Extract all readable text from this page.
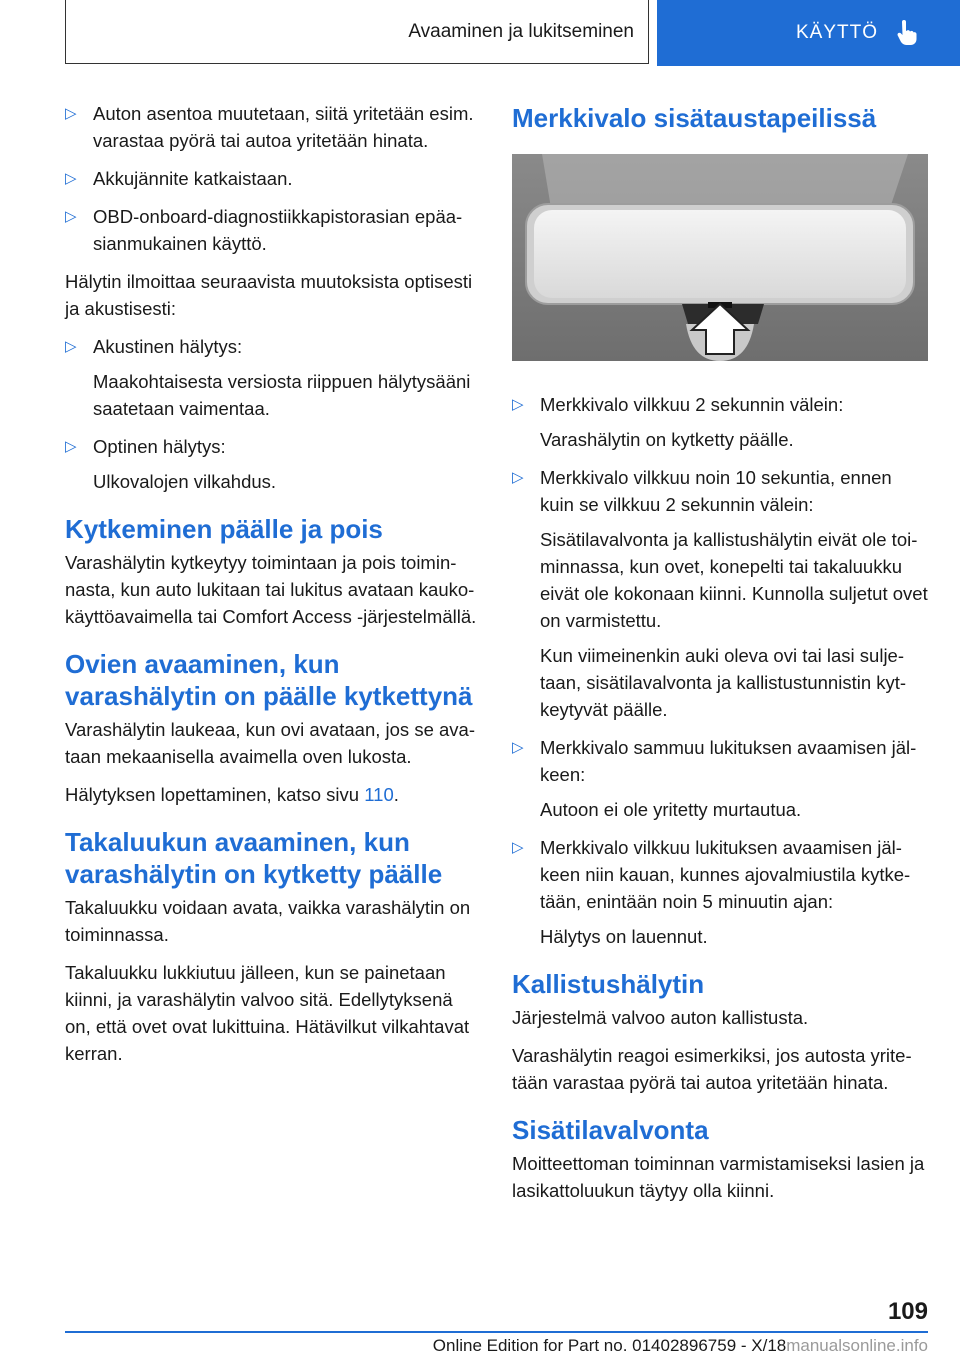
Avaaminen ja lukitseminen	KÄYTTÖ
▷ Auton asentoa muutetaan, siitä yritetään esim. varastaa pyörä tai autoa yritetään hinata.
▷ Akkujännite katkaistaan.
▷ OBD-onboard-diagnostiikkapistorasian epäasianmukainen käyttö.

Hälytin ilmoittaa seuraavista muutoksista optisesti ja akustisesti:

▷ Akustinen hälytys:
Maakohtaisesta versiosta riippuen hälytysääni saatetaan vaimentaa.
▷ Optinen hälytys:
Ulkovalojen vilkahdus.
Kytkeminen päälle ja pois

Varashälytin kytkeytyy toimintaan ja pois toiminnasta, kun auto lukitaan tai lukitus avataan kaukokäyttöavaimella tai Comfort Access -järjestelmällä.

Ovien avaaminen, kun varashälytin on päälle kytkettynä

Varashälytin laukeaa, kun ovi avataan, jos se avataan mekaanisella avaimella oven lukosta.

Hälytyksen lopettaminen, katso sivu 110.

Takaluukun avaaminen, kun varashälytin on kytketty päälle

Takaluukku voidaan avata, vaikka varashälytin on toiminnassa.

Takaluukku lukkiutuu jälleen, kun se painetaan kiinni, ja varashälytin valvoo sitä. Edellytyksenä on, että ovet ovat lukittuina. Hätävilkut vilkahtavat kerran.

Merkkivalo sisätaustapeilissä
▷ Merkkivalo vilkkuu 2 sekunnin välein:
Varashälytin on kytketty päälle.
▷ Merkkivalo vilkkuu noin 10 sekuntia, ennen kuin se vilkkuu 2 sekunnin välein:
Sisätilavalvonta ja kallistushälytin eivät ole toiminnassa, kun ovet, konepelti tai takaluukku eivät ole kokonaan kiinni. Kunnolla suljetut ovet on varmistettu.
Kun viimeinenkin auki oleva ovi tai lasi suljetaan, sisätilavalvonta ja kallistustunnistin kytkeytyvät päälle.
▷ Merkkivalo sammuu lukituksen avaamisen jälkeen:
Autoon ei ole yritetty murtautua.
▷ Merkkivalo vilkkuu lukituksen avaamisen jälkeen niin kauan, kunnes ajovalmiustila kytketään, enintään noin 5 minuutin ajan:
Hälytys on lauennut.
Kallistushälytin

Järjestelmä valvoo auton kallistusta.

Varashälytin reagoi esimerkiksi, jos autosta yritetään varastaa pyörä tai autoa yritetään hinata.

Sisätilavalvonta

Moitteettoman toiminnan varmistamiseksi lasien ja lasikattoluukun täytyy olla kiinni.

109
Online Edition for Part no. 01402896759 - X/18manualsonline.info
